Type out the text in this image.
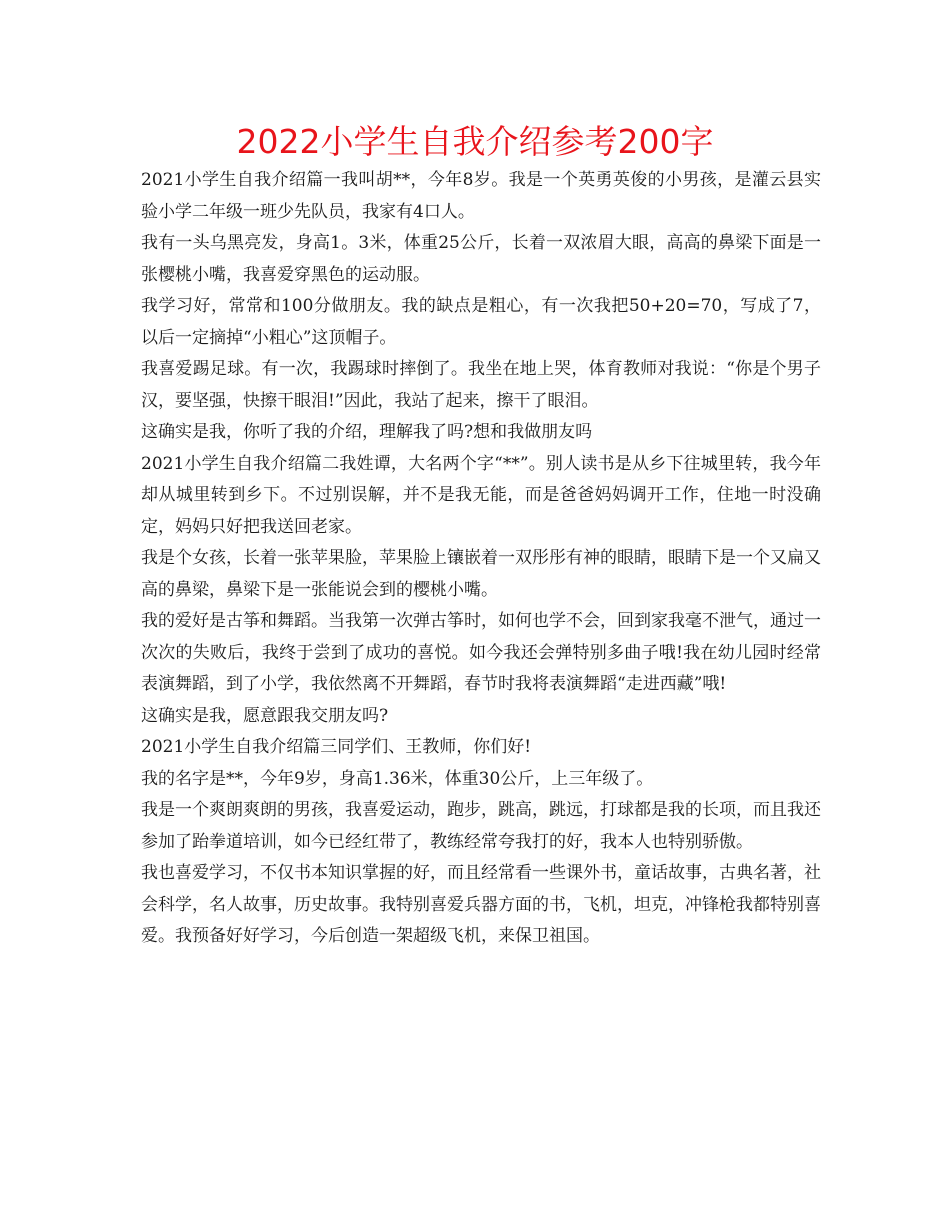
2022小学生自我介绍参考200字

2021小学生自我介绍篇一我叫胡**，今年8岁。我是一个英勇英俊的小男孩，是灌云县实验小学二年级一班少先队员，我家有4口人。

我有一头乌黑亮发，身高1。3米，体重25公斤，长着一双浓眉大眼，高高的鼻梁下面是一张樱桃小嘴，我喜爱穿黑色的运动服。

我学习好，常常和100分做朋友。我的缺点是粗心，有一次我把50+20=70，写成了7，以后一定摘掉“小粗心”这顶帽子。

我喜爱踢足球。有一次，我踢球时摔倒了。我坐在地上哭，体育教师对我说：“你是个男子汉，要坚强，快擦干眼泪!”因此，我站了起来，擦干了眼泪。

这确实是我，你听了我的介绍，理解我了吗?想和我做朋友吗

2021小学生自我介绍篇二我姓谭，大名两个字“**”。别人读书是从乡下往城里转，我今年却从城里转到乡下。不过别误解，并不是我无能，而是爸爸妈妈调开工作，住地一时没确定，妈妈只好把我送回老家。

我是个女孩，长着一张苹果脸，苹果脸上镶嵌着一双彤彤有神的眼睛，眼睛下是一个又扁又高的鼻梁，鼻梁下是一张能说会到的樱桃小嘴。

我的爱好是古筝和舞蹈。当我第一次弹古筝时，如何也学不会，回到家我毫不泄气，通过一次次的失败后，我终于尝到了成功的喜悦。如今我还会弹特别多曲子哦!我在幼儿园时经常表演舞蹈，到了小学，我依然离不开舞蹈，春节时我将表演舞蹈“走进西藏”哦!

这确实是我，愿意跟我交朋友吗?

2021小学生自我介绍篇三同学们、王教师，你们好!

我的名字是**，今年9岁，身高1.36米，体重30公斤，上三年级了。

我是一个爽朗爽朗的男孩，我喜爱运动，跑步，跳高，跳远，打球都是我的长项，而且我还参加了跆拳道培训，如今已经红带了，教练经常夸我打的好，我本人也特别骄傲。

我也喜爱学习，不仅书本知识掌握的好，而且经常看一些课外书，童话故事，古典名著，社会科学，名人故事，历史故事。我特别喜爱兵器方面的书，飞机，坦克，冲锋枪我都特别喜爱。我预备好好学习，今后创造一架超级飞机，来保卫祖国。
